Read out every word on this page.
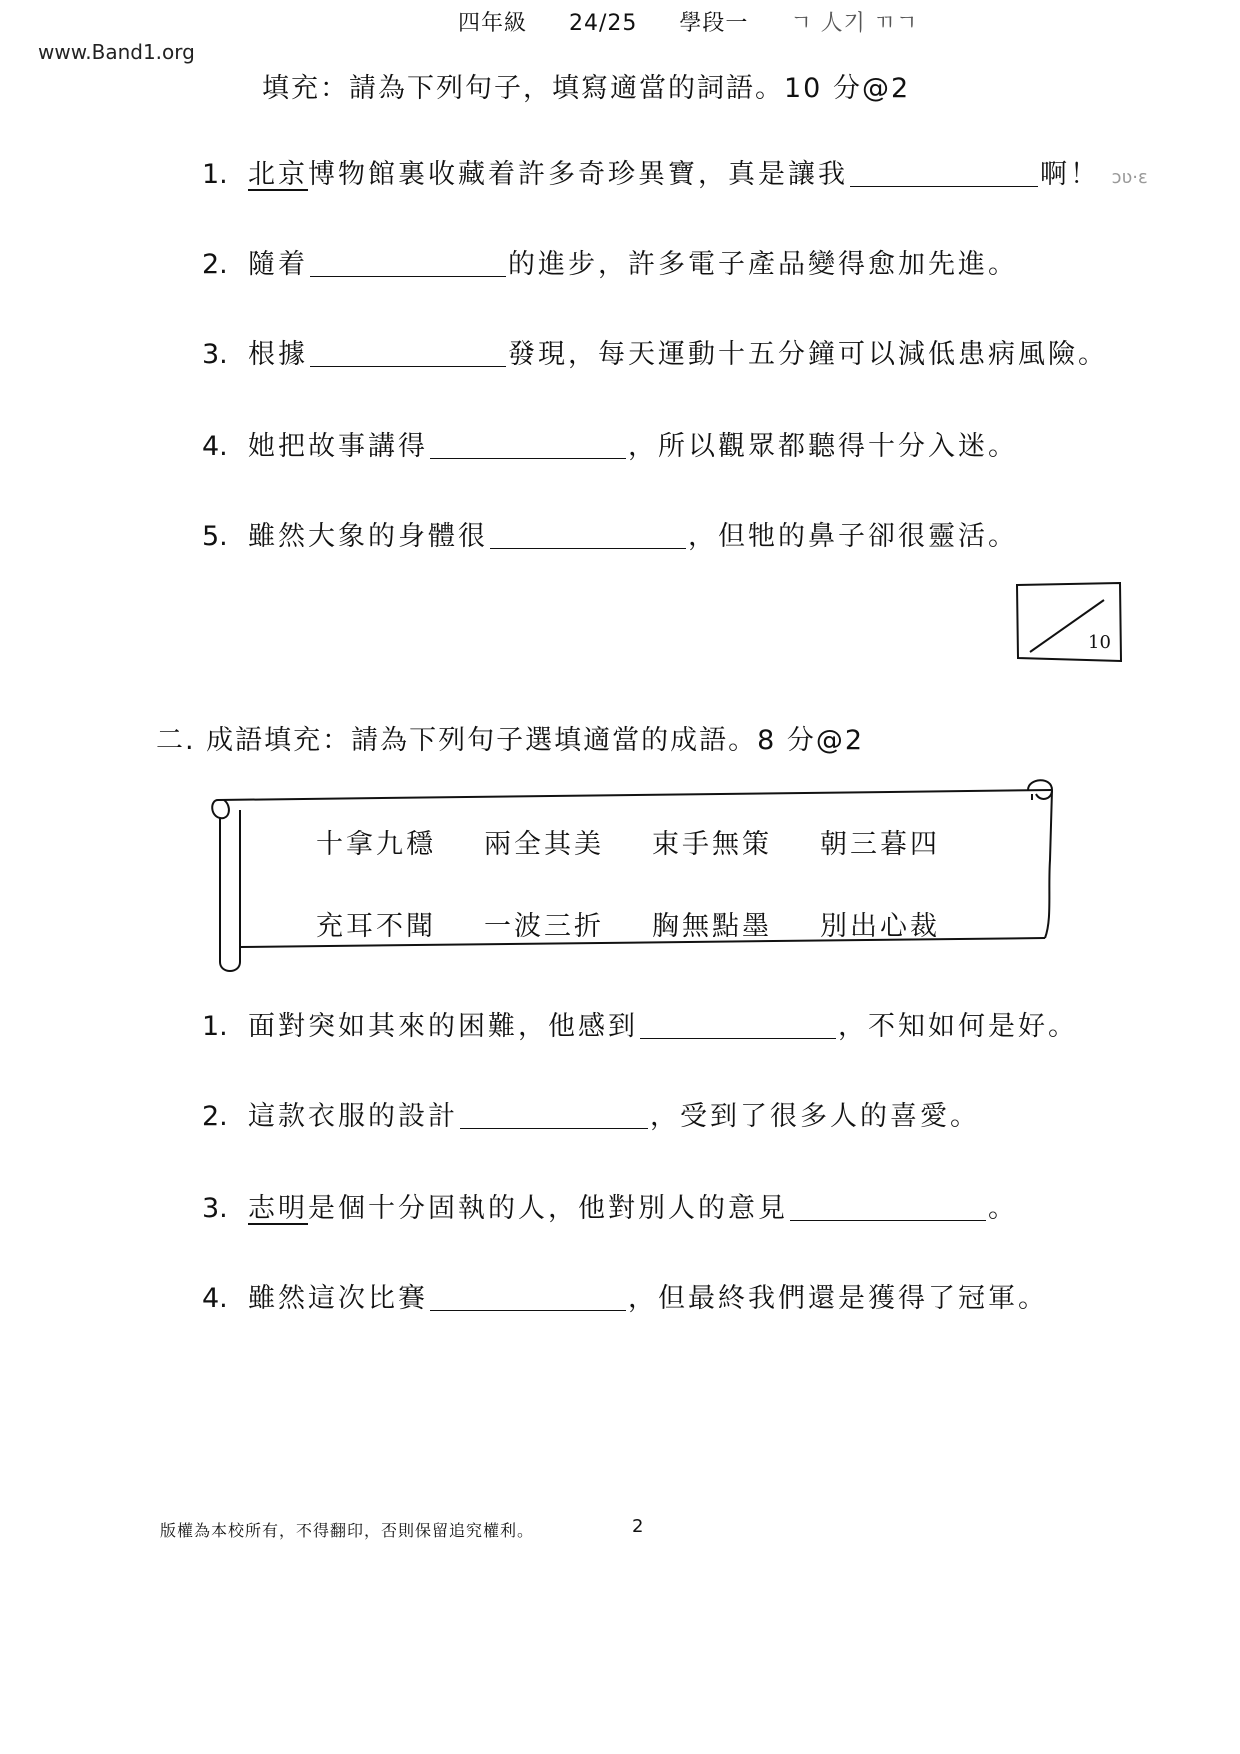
四年級 24/25 學段一 ㄱ 人기 ㄲㄱ
www.Band1.org
填充：請為下列句子，填寫適當的詞語。10 分@2
1. 北京博物館裏收藏着許多奇珍異寶，真是讓我	啊！ ɔʋ·ɛ
2. 隨着	的進步，許多電子產品變得愈加先進。
3. 根據	發現，每天運動十五分鐘可以減低患病風險。
4. 她把故事講得	，所以觀眾都聽得十分入迷。
5. 雖然大象的身體很	，但牠的鼻子卻很靈活。
10
二. 成語填充：請為下列句子選填適當的成語。8 分@2
十拿九穩	兩全其美	束手無策	朝三暮四
充耳不聞	一波三折	胸無點墨	別出心裁
1. 面對突如其來的困難，他感到	，不知如何是好。
2. 這款衣服的設計	，受到了很多人的喜愛。
3. 志明是個十分固執的人，他對別人的意見	。
4. 雖然這次比賽	，但最終我們還是獲得了冠軍。
版權為本校所有，不得翻印，否則保留追究權利。	2
